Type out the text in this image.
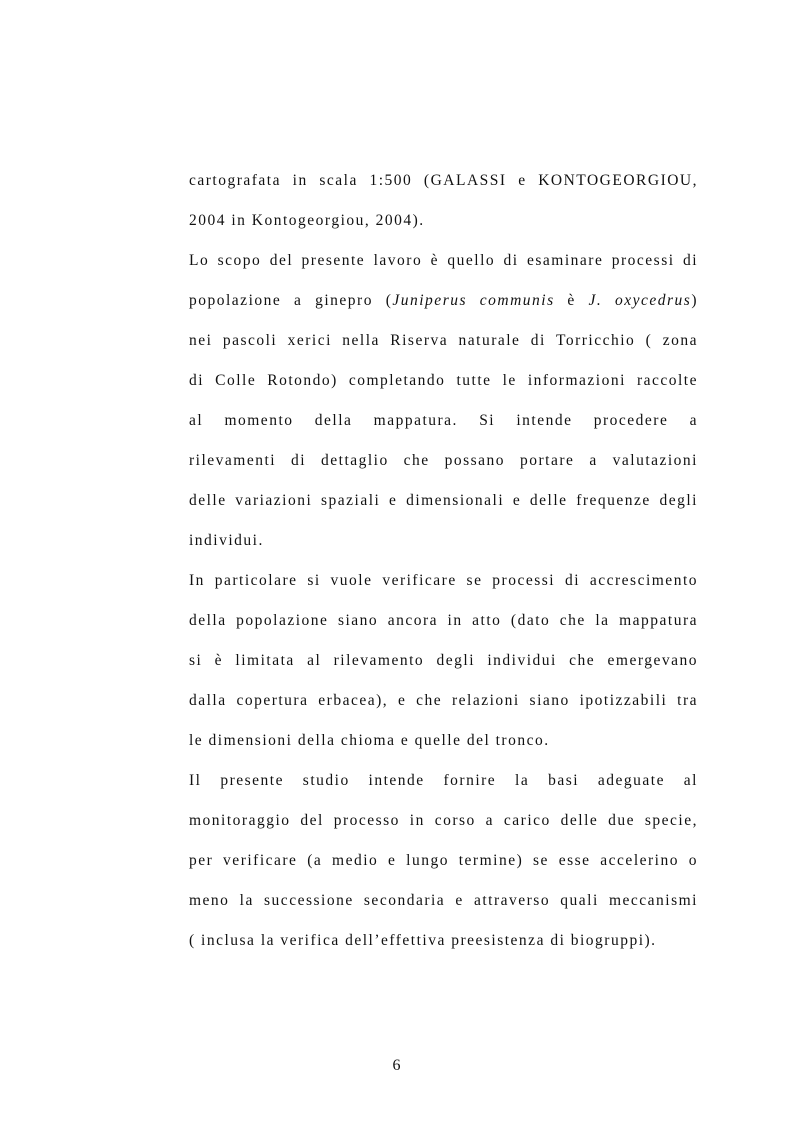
cartografata in scala 1:500 (GALASSI e KONTOGEORGIOU,
2004 in Kontogeorgiou, 2004).
Lo scopo del presente lavoro è quello di esaminare processi di
popolazione a ginepro (Juniperus communis è J. oxycedrus)
nei pascoli xerici nella Riserva naturale di Torricchio ( zona
di Colle Rotondo) completando tutte le informazioni raccolte
al momento della mappatura. Si intende procedere a
rilevamenti di dettaglio che possano portare a valutazioni
delle variazioni spaziali e dimensionali e delle frequenze degli
individui.
In particolare si vuole verificare se processi di accrescimento
della popolazione siano ancora in atto (dato che la mappatura
si è limitata al rilevamento degli individui che emergevano
dalla copertura erbacea), e che relazioni siano ipotizzabili tra
le dimensioni della chioma e quelle del tronco.
Il presente studio intende fornire la basi adeguate al
monitoraggio del processo in corso a carico delle due specie,
per verificare (a medio e lungo termine) se esse accelerino o
meno la successione secondaria e attraverso quali meccanismi
( inclusa la verifica dell’effettiva preesistenza di biogruppi).
6
